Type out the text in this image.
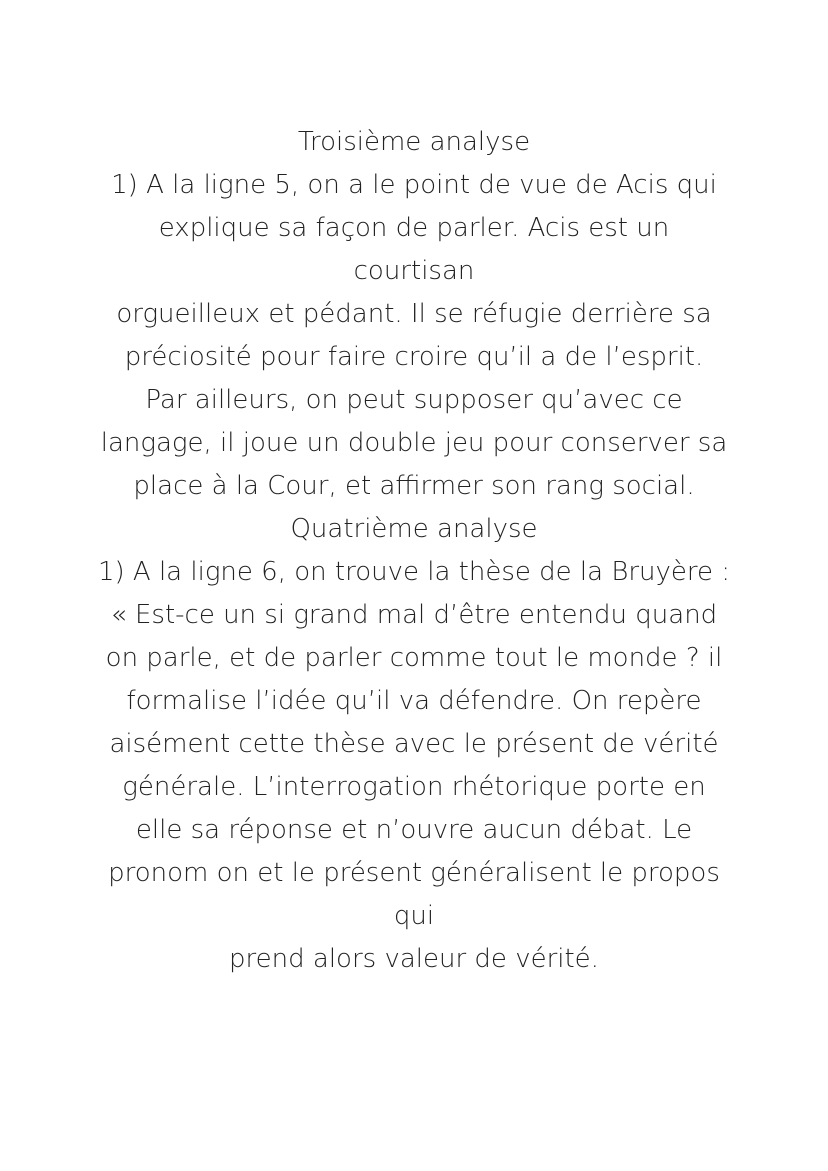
Troisième analyse

1) A la ligne 5, on a le point de vue de Acis qui

explique sa façon de parler. Acis est un

courtisan

orgueilleux et pédant. Il se réfugie derrière sa

préciosité pour faire croire qu’il a de l’esprit.

Par ailleurs, on peut supposer qu’avec ce

langage, il joue un double jeu pour conserver sa

place à la Cour, et affirmer son rang social.

Quatrième analyse

1) A la ligne 6, on trouve la thèse de la Bruyère :

« Est-ce un si grand mal d’être entendu quand

on parle, et de parler comme tout le monde ? il

formalise l’idée qu’il va défendre. On repère

aisément cette thèse avec le présent de vérité

générale. L’interrogation rhétorique porte en

elle sa réponse et n’ouvre aucun débat. Le

pronom on et le présent généralisent le propos

qui

prend alors valeur de vérité.
